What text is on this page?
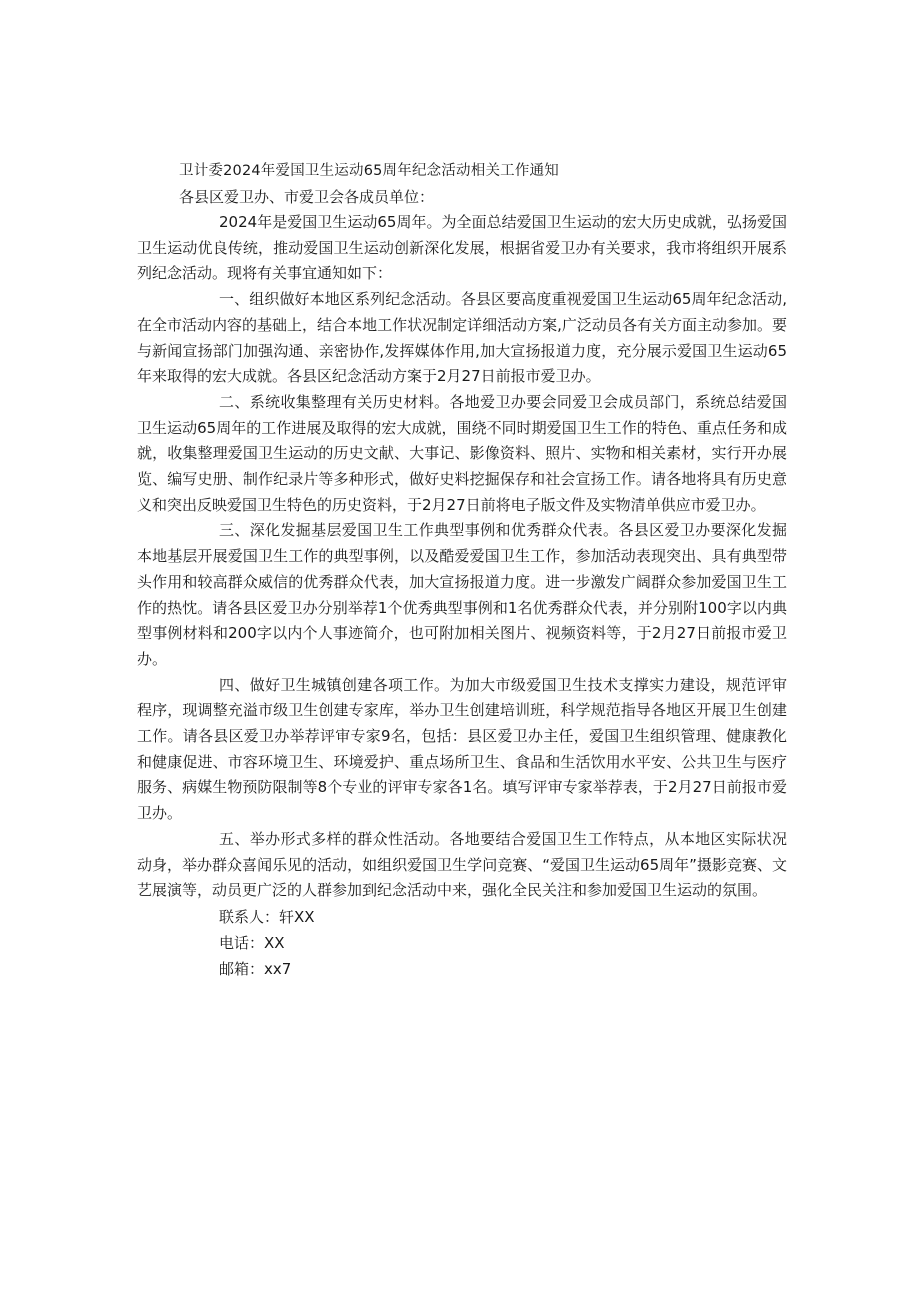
卫计委2024年爱国卫生运动65周年纪念活动相关工作通知
各县区爱卫办、市爱卫会各成员单位：

2024年是爱国卫生运动65周年。为全面总结爱国卫生运动的宏大历史成就，弘扬爱国卫生运动优良传统，推动爱国卫生运动创新深化发展，根据省爱卫办有关要求，我市将组织开展系列纪念活动。现将有关事宜通知如下：

一、组织做好本地区系列纪念活动。各县区要高度重视爱国卫生运动65周年纪念活动,在全市活动内容的基础上，结合本地工作状况制定详细活动方案,广泛动员各有关方面主动参加。要与新闻宣扬部门加强沟通、亲密协作,发挥媒体作用,加大宣扬报道力度，充分展示爱国卫生运动65年来取得的宏大成就。各县区纪念活动方案于2月27日前报市爱卫办。

二、系统收集整理有关历史材料。各地爱卫办要会同爱卫会成员部门，系统总结爱国卫生运动65周年的工作进展及取得的宏大成就，围绕不同时期爱国卫生工作的特色、重点任务和成就，收集整理爱国卫生运动的历史文献、大事记、影像资料、照片、实物和相关素材，实行开办展览、编写史册、制作纪录片等多种形式，做好史料挖掘保存和社会宣扬工作。请各地将具有历史意义和突出反映爱国卫生特色的历史资料，于2月27日前将电子版文件及实物清单供应市爱卫办。

三、深化发掘基层爱国卫生工作典型事例和优秀群众代表。各县区爱卫办要深化发掘本地基层开展爱国卫生工作的典型事例，以及酷爱爱国卫生工作，参加活动表现突出、具有典型带头作用和较高群众威信的优秀群众代表，加大宣扬报道力度。进一步激发广阔群众参加爱国卫生工作的热忱。请各县区爱卫办分别举荐1个优秀典型事例和1名优秀群众代表，并分别附100字以内典型事例材料和200字以内个人事迹简介，也可附加相关图片、视频资料等，于2月27日前报市爱卫办。

四、做好卫生城镇创建各项工作。为加大市级爱国卫生技术支撑实力建设，规范评审程序，现调整充溢市级卫生创建专家库，举办卫生创建培训班，科学规范指导各地区开展卫生创建工作。请各县区爱卫办举荐评审专家9名，包括：县区爱卫办主任，爱国卫生组织管理、健康教化和健康促进、市容环境卫生、环境爱护、重点场所卫生、食品和生活饮用水平安、公共卫生与医疗服务、病媒生物预防限制等8个专业的评审专家各1名。填写评审专家举荐表，于2月27日前报市爱卫办。

五、举办形式多样的群众性活动。各地要结合爱国卫生工作特点，从本地区实际状况动身，举办群众喜闻乐见的活动，如组织爱国卫生学问竞赛、“爱国卫生运动65周年”摄影竞赛、文艺展演等，动员更广泛的人群参加到纪念活动中来，强化全民关注和参加爱国卫生运动的氛围。

联系人：轩XX
电话：XX
邮箱：xx7
